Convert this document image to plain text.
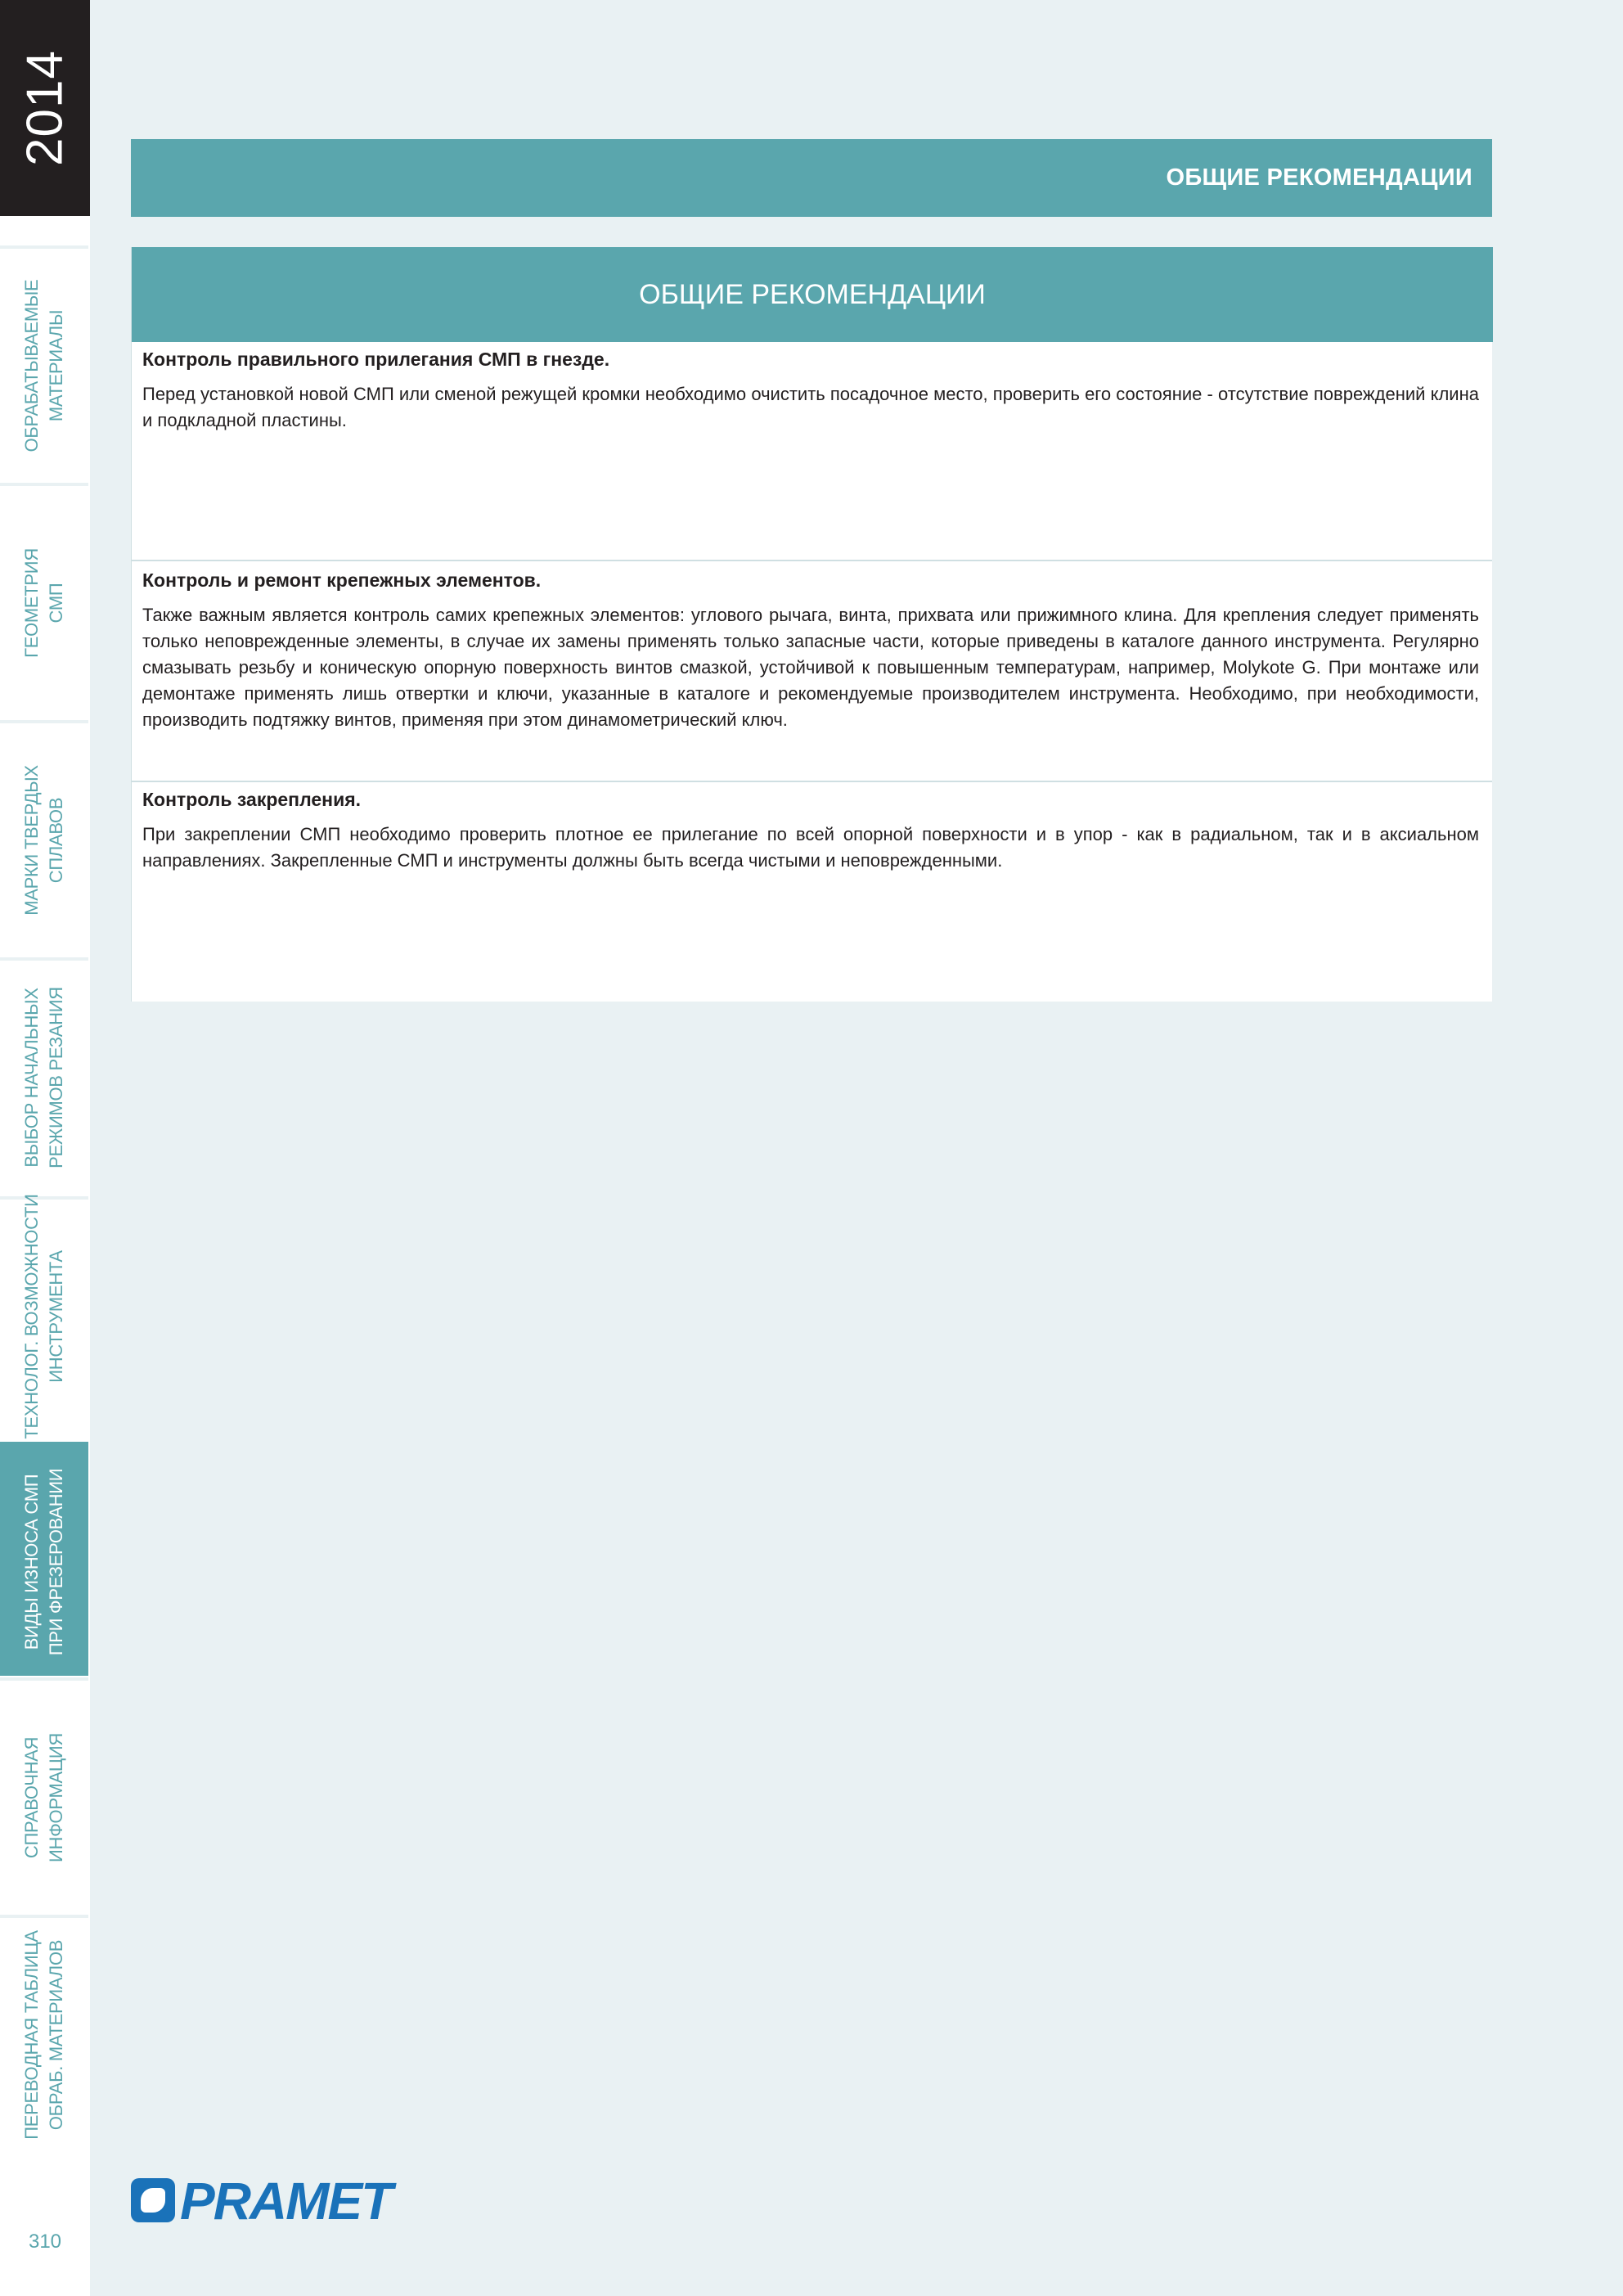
2014
ОБРАБАТЫВАЕМЫЕ МАТЕРИАЛЫ
ГЕОМЕТРИЯ СМП
МАРКИ ТВЕРДЫХ СПЛАВОВ
ВЫБОР НАЧАЛЬНЫХ РЕЖИМОВ РЕЗАНИЯ
ТЕХНОЛОГ. ВОЗМОЖНОСТИ ИНСТРУМЕНТА
ВИДЫ ИЗНОСА СМП ПРИ ФРЕЗЕРОВАНИИ
СПРАВОЧНАЯ ИНФОРМАЦИЯ
ПЕРЕВОДНАЯ ТАБЛИЦА ОБРАБ. МАТЕРИАЛОВ
310
ОБЩИЕ РЕКОМЕНДАЦИИ
ОБЩИЕ РЕКОМЕНДАЦИИ
Контроль правильного прилегания СМП в гнезде.
Перед установкой новой СМП или сменой режущей кромки необходимо очистить посадочное место, проверить его состояние - отсутствие повреждений клина и подкладной пластины.
Контроль и ремонт крепежных элементов.
Также важным является контроль самих крепежных элементов: углового рычага, винта, прихвата или прижимного клина. Для крепления следует применять только неповрежденные элементы, в случае их замены применять только запасные части, которые приведены в каталоге данного инструмента. Регулярно смазывать резьбу и коническую опорную поверхность винтов смазкой, устойчивой к повышенным температурам, например, Molykote G. При монтаже или демонтаже применять лишь отвертки и ключи, указанные в каталоге и рекомендуемые производителем инструмента. Необходимо, при необходимости, производить подтяжку винтов, применяя при этом динамометрический ключ.
Контроль закрепления.
При закреплении СМП необходимо проверить плотное ее прилегание по всей опорной поверхности и в упор - как в радиальном, так и в аксиальном направлениях. Закрепленные СМП и инструменты должны быть всегда чистыми и неповрежденными.
PRAMET
